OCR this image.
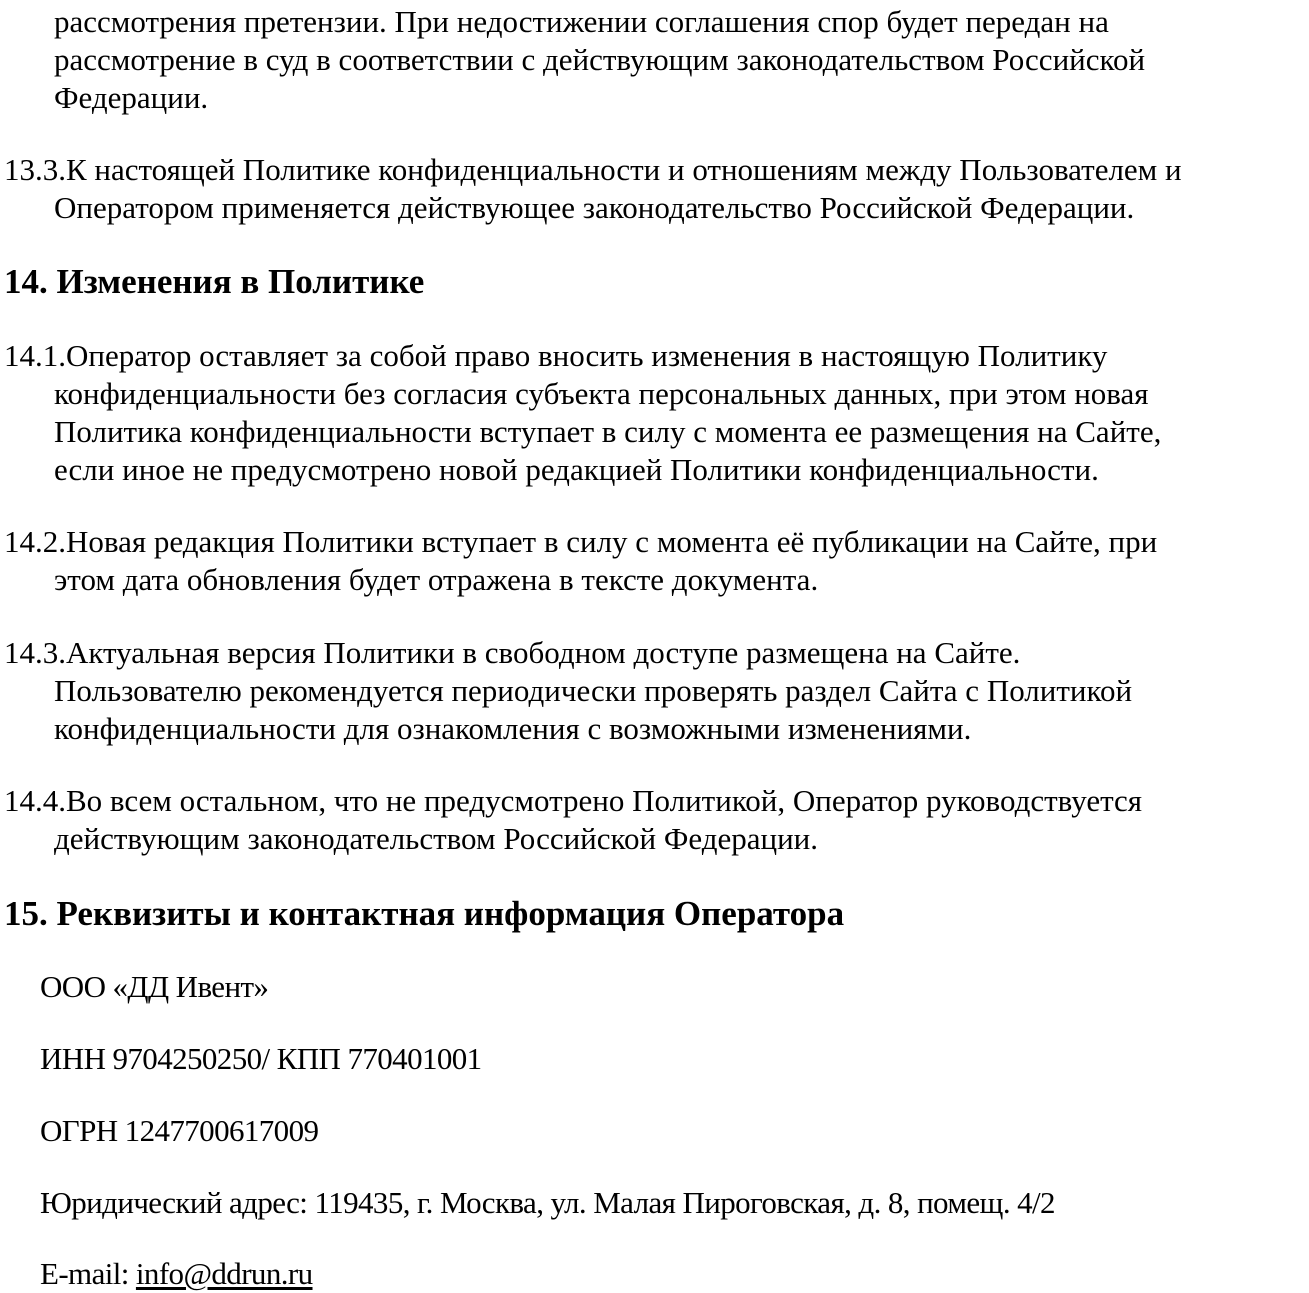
рассмотрения претензии. При недостижении соглашения спор будет передан на
рассмотрение в суд в соответствии с действующим законодательством Российской
Федерации.
13.3.К настоящей Политике конфиденциальности и отношениям между Пользователем и
Оператором применяется действующее законодательство Российской Федерации.
14. Изменения в Политике
14.1.Оператор оставляет за собой право вносить изменения в настоящую Политику
конфиденциальности без согласия субъекта персональных данных, при этом новая
Политика конфиденциальности вступает в силу с момента ее размещения на Сайте,
если иное не предусмотрено новой редакцией Политики конфиденциальности.
14.2.Новая редакция Политики вступает в силу с момента её публикации на Сайте, при
этом дата обновления будет отражена в тексте документа.
14.3.Актуальная версия Политики в свободном доступе размещена на Сайте.
Пользователю рекомендуется периодически проверять раздел Сайта с Политикой
конфиденциальности для ознакомления с возможными изменениями.
14.4.Во всем остальном, что не предусмотрено Политикой, Оператор руководствуется
действующим законодательством Российской Федерации.
15. Реквизиты и контактная информация Оператора
ООО «ДД Ивент»
ИНН 9704250250/ КПП 770401001
ОГРН 1247700617009
Юридический адрес: 119435, г. Москва, ул. Малая Пироговская, д. 8, помещ. 4/2
E-mail: info@ddrun.ru
